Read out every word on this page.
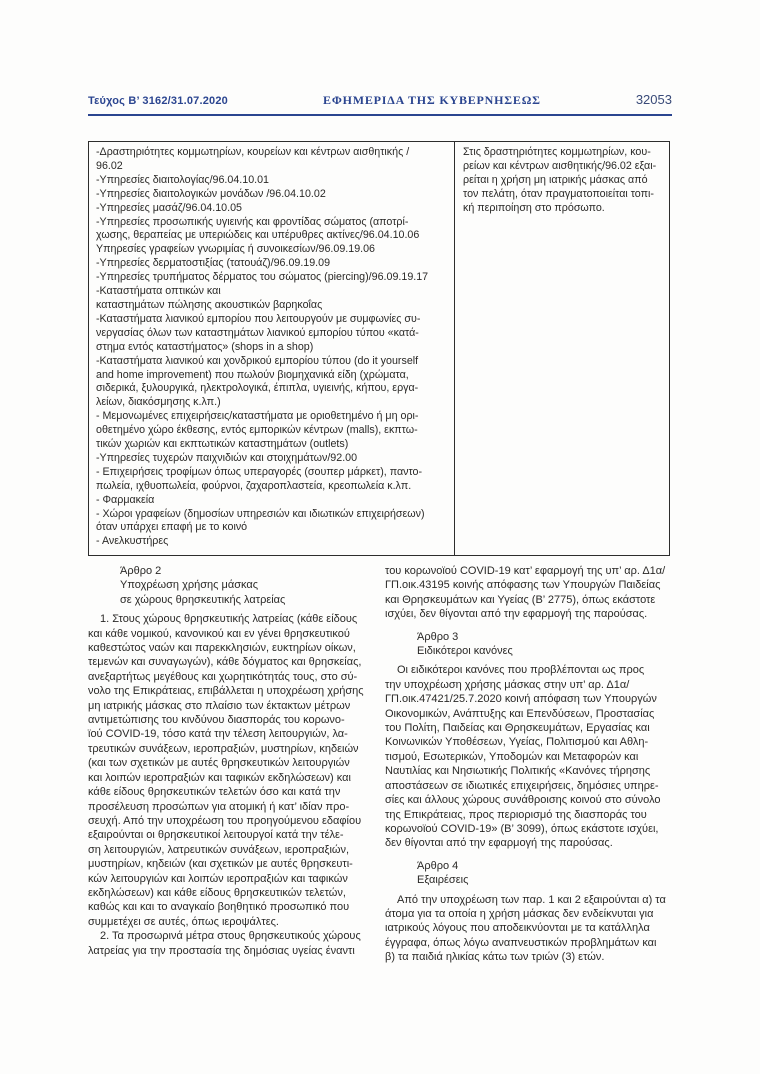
Τεύχος Β’ 3162/31.07.2020	ΕΦΗΜΕΡΙΔΑ ΤΗΣ ΚΥΒΕΡΝΗΣΕΩΣ	32053
-Δραστηριότητες κομμωτηρίων, κουρείων και κέντρων αισθητικής /
96.02
-Υπηρεσίες διαιτολογίας/96.04.10.01
-Υπηρεσίες διαιτολογικών μονάδων /96.04.10.02
-Υπηρεσίες μασάζ/96.04.10.05
-Υπηρεσίες προσωπικής υγιεινής και φροντίδας σώματος (αποτρί-
χωσης, θεραπείας με υπεριώδεις και υπέρυθρες ακτίνες/96.04.10.06
Υπηρεσίες γραφείων γνωριμίας ή συνοικεσίων/96.09.19.06
-Υπηρεσίες δερματοστιξίας (τατουάζ)/96.09.19.09
-Υπηρεσίες τρυπήματος δέρματος του σώματος (piercing)/96.09.19.17
-Καταστήματα οπτικών και
καταστημάτων πώλησης ακουστικών βαρηκοΐας
-Καταστήματα λιανικού εμπορίου που λειτουργούν με συμφωνίες συ-
νεργασίας όλων των καταστημάτων λιανικού εμπορίου τύπου «κατά-
στημα εντός καταστήματος» (shops in a shop)
-Καταστήματα λιανικού και χονδρικού εμπορίου τύπου (do it yourself
and home improvement) που πωλούν βιομηχανικά είδη (χρώματα,
σιδερικά, ξυλουργικά, ηλεκτρολογικά, έπιπλα, υγιεινής, κήπου, εργα-
λείων, διακόσμησης κ.λπ.)
- Μεμονωμένες επιχειρήσεις/καταστήματα με οριοθετημένο ή μη ορι-
οθετημένο χώρο έκθεσης, εντός εμπορικών κέντρων (malls), εκπτω-
τικών χωριών και εκπτωτικών καταστημάτων (outlets)
-Υπηρεσίες τυχερών παιχνιδιών και στοιχημάτων/92.00
- Επιχειρήσεις τροφίμων όπως υπεραγορές (σουπερ μάρκετ), παντο-
πωλεία, ιχθυοπωλεία, φούρνοι, ζαχαροπλαστεία, κρεοπωλεία κ.λπ.
- Φαρμακεία
- Χώροι γραφείων (δημοσίων υπηρεσιών και ιδιωτικών επιχειρήσεων)
όταν υπάρχει επαφή με το κοινό
- Ανελκυστήρες
Στις δραστηριότητες κομμωτηρίων, κου-
ρείων και κέντρων αισθητικής/96.02 εξαι-
ρείται η χρήση μη ιατρικής μάσκας από
τον πελάτη, όταν πραγματοποιείται τοπι-
κή περιποίηση στο πρόσωπο.
Άρθρο 2
Υποχρέωση χρήσης μάσκας
σε χώρους θρησκευτικής λατρείας
1. Στους χώρους θρησκευτικής λατρείας (κάθε είδους
και κάθε νομικού, κανονικού και εν γένει θρησκευτικού
καθεστώτος ναών και παρεκκλησιών, ευκτηρίων οίκων,
τεμενών και συναγωγών), κάθε δόγματος και θρησκείας,
ανεξαρτήτως μεγέθους και χωρητικότητάς τους, στο σύ-
νολο της Επικράτειας, επιβάλλεται η υποχρέωση χρήσης
μη ιατρικής μάσκας στο πλαίσιο των έκτακτων μέτρων
αντιμετώπισης του κινδύνου διασποράς του κορωνο-
ϊού COVID-19, τόσο κατά την τέλεση λειτουργιών, λα-
τρευτικών συνάξεων, ιεροπραξιών, μυστηρίων, κηδειών
(και των σχετικών με αυτές θρησκευτικών λειτουργιών
και λοιπών ιεροπραξιών και ταφικών εκδηλώσεων) και
κάθε είδους θρησκευτικών τελετών όσο και κατά την
προσέλευση προσώπων για ατομική ή κατ’ ιδίαν προ-
σευχή. Από την υποχρέωση του προηγούμενου εδαφίου
εξαιρούνται οι θρησκευτικοί λειτουργοί κατά την τέλε-
ση λειτουργιών, λατρευτικών συνάξεων, ιεροπραξιών,
μυστηρίων, κηδειών (και σχετικών με αυτές θρησκευτι-
κών λειτουργιών και λοιπών ιεροπραξιών και ταφικών
εκδηλώσεων) και κάθε είδους θρησκευτικών τελετών,
καθώς και και το αναγκαίο βοηθητικό προσωπικό που
συμμετέχει σε αυτές, όπως ιεροψάλτες.
2. Τα προσωρινά μέτρα στους θρησκευτικούς χώρους
λατρείας για την προστασία της δημόσιας υγείας έναντι
του κορωνοϊού COVID-19 κατ’ εφαρμογή της υπ’ αρ. Δ1α/
ΓΠ.οικ.43195 κοινής απόφασης των Υπουργών Παιδείας
και Θρησκευμάτων και Υγείας (Β’ 2775), όπως εκάστοτε
ισχύει, δεν θίγονται από την εφαρμογή της παρούσας.
Άρθρο 3
Ειδικότεροι κανόνες
Οι ειδικότεροι κανόνες που προβλέπονται ως προς
την υποχρέωση χρήσης μάσκας στην υπ’ αρ. Δ1α/
ΓΠ.οικ.47421/25.7.2020 κοινή απόφαση των Υπουργών
Οικονομικών, Ανάπτυξης και Επενδύσεων, Προστασίας
του Πολίτη, Παιδείας και Θρησκευμάτων, Εργασίας και
Κοινωνικών Υποθέσεων, Υγείας, Πολιτισμού και Αθλη-
τισμού, Εσωτερικών, Υποδομών και Μεταφορών και
Ναυτιλίας και Νησιωτικής Πολιτικής «Κανόνες τήρησης
αποστάσεων σε ιδιωτικές επιχειρήσεις, δημόσιες υπηρε-
σίες και άλλους χώρους συνάθροισης κοινού στο σύνολο
της Επικράτειας, προς περιορισμό της διασποράς του
κορωνοϊού COVID-19» (Β’ 3099), όπως εκάστοτε ισχύει,
δεν θίγονται από την εφαρμογή της παρούσας.
Άρθρο 4
Εξαιρέσεις
Από την υποχρέωση των παρ. 1 και 2 εξαιρούνται α) τα
άτομα για τα οποία η χρήση μάσκας δεν ενδείκνυται για
ιατρικούς λόγους που αποδεικνύονται με τα κατάλληλα
έγγραφα, όπως λόγω αναπνευστικών προβλημάτων και
β) τα παιδιά ηλικίας κάτω των τριών (3) ετών.
